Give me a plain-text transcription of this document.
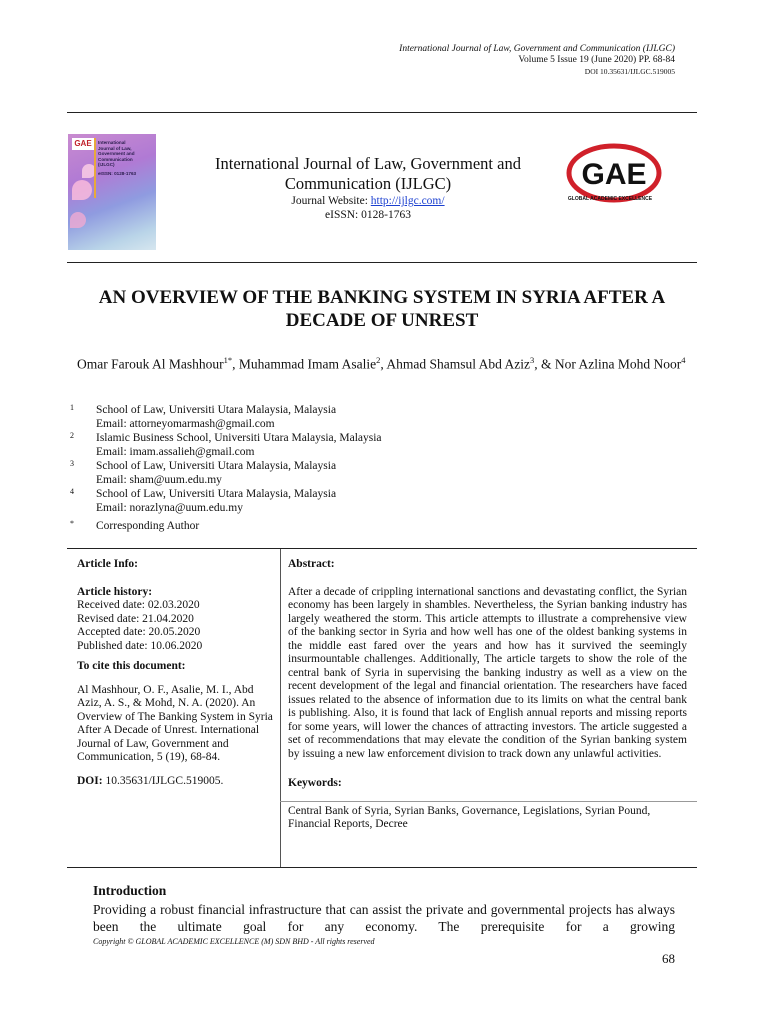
International Journal of Law, Government and Communication (IJLGC)
Volume 5 Issue 19 (June 2020) PP. 68-84
DOI 10.35631/IJLGC.519005
GAE	International
Journal of Law,
Government and
Communication
(IJLGC)
eISSN: 0128-1763
International Journal of Law, Government and Communication (IJLGC)
Journal Website: http://ijlgc.com/
eISSN: 0128-1763
GAE
GLOBAL ACADEMIC EXCELLENCE
AN OVERVIEW OF THE BANKING SYSTEM IN SYRIA AFTER A
DECADE OF UNREST
Omar Farouk Al Mashhour$^{1*}$, Muhammad Imam Asalie$^2$, Ahmad Shamsul Abd Aziz$^3$, & Nor Azlina Mohd Noor$^4$
1 School of Law, Universiti Utara Malaysia, Malaysia
Email: attorneyomarmash@gmail.com
2 Islamic Business School, Universiti Utara Malaysia, Malaysia
Email: imam.assalieh@gmail.com
3 School of Law, Universiti Utara Malaysia, Malaysia
Email: sham@uum.edu.my
4 School of Law, Universiti Utara Malaysia, Malaysia
Email: norazlyna@uum.edu.my
* Corresponding Author
Article Info:
Article history:
Received date: 02.03.2020
Revised date: 21.04.2020
Accepted date: 20.05.2020
Published date: 10.06.2020
To cite this document:
Al Mashhour, O. F., Asalie, M. I., Abd Aziz, A. S., & Mohd, N. A. (2020). An Overview of The Banking System in Syria After A Decade of Unrest. International Journal of Law, Government and Communication, 5 (19), 68-84.
DOI: 10.35631/IJLGC.519005.
Abstract:
After a decade of crippling international sanctions and devastating conflict, the Syrian economy has been largely in shambles. Nevertheless, the Syrian banking industry has largely weathered the storm. This article attempts to illustrate a comprehensive view of the banking sector in Syria and how well has one of the oldest banking systems in the middle east fared over the years and how has it survived the seemingly insurmountable challenges. Additionally, The article targets to show the role of the central bank of Syria in supervising the banking industry as well as a view on the recent development of the legal and financial orientation. The researchers have faced issues related to the absence of information due to its limits on what the central bank is publishing. Also, it is found that lack of English annual reports and missing reports for some years, will lower the chances of attracting investors. The article suggested a set of recommendations that may elevate the condition of the Syrian banking system by issuing a new law enforcement division to track down any unlawful activities.
Keywords:
Central Bank of Syria, Syrian Banks, Governance, Legislations, Syrian Pound, Financial Reports, Decree
Introduction
Providing a robust financial infrastructure that can assist the private and governmental projects has always been the ultimate goal for any economy. The prerequisite for a growing
Copyright © GLOBAL ACADEMIC EXCELLENCE (M) SDN BHD - All rights reserved
68
